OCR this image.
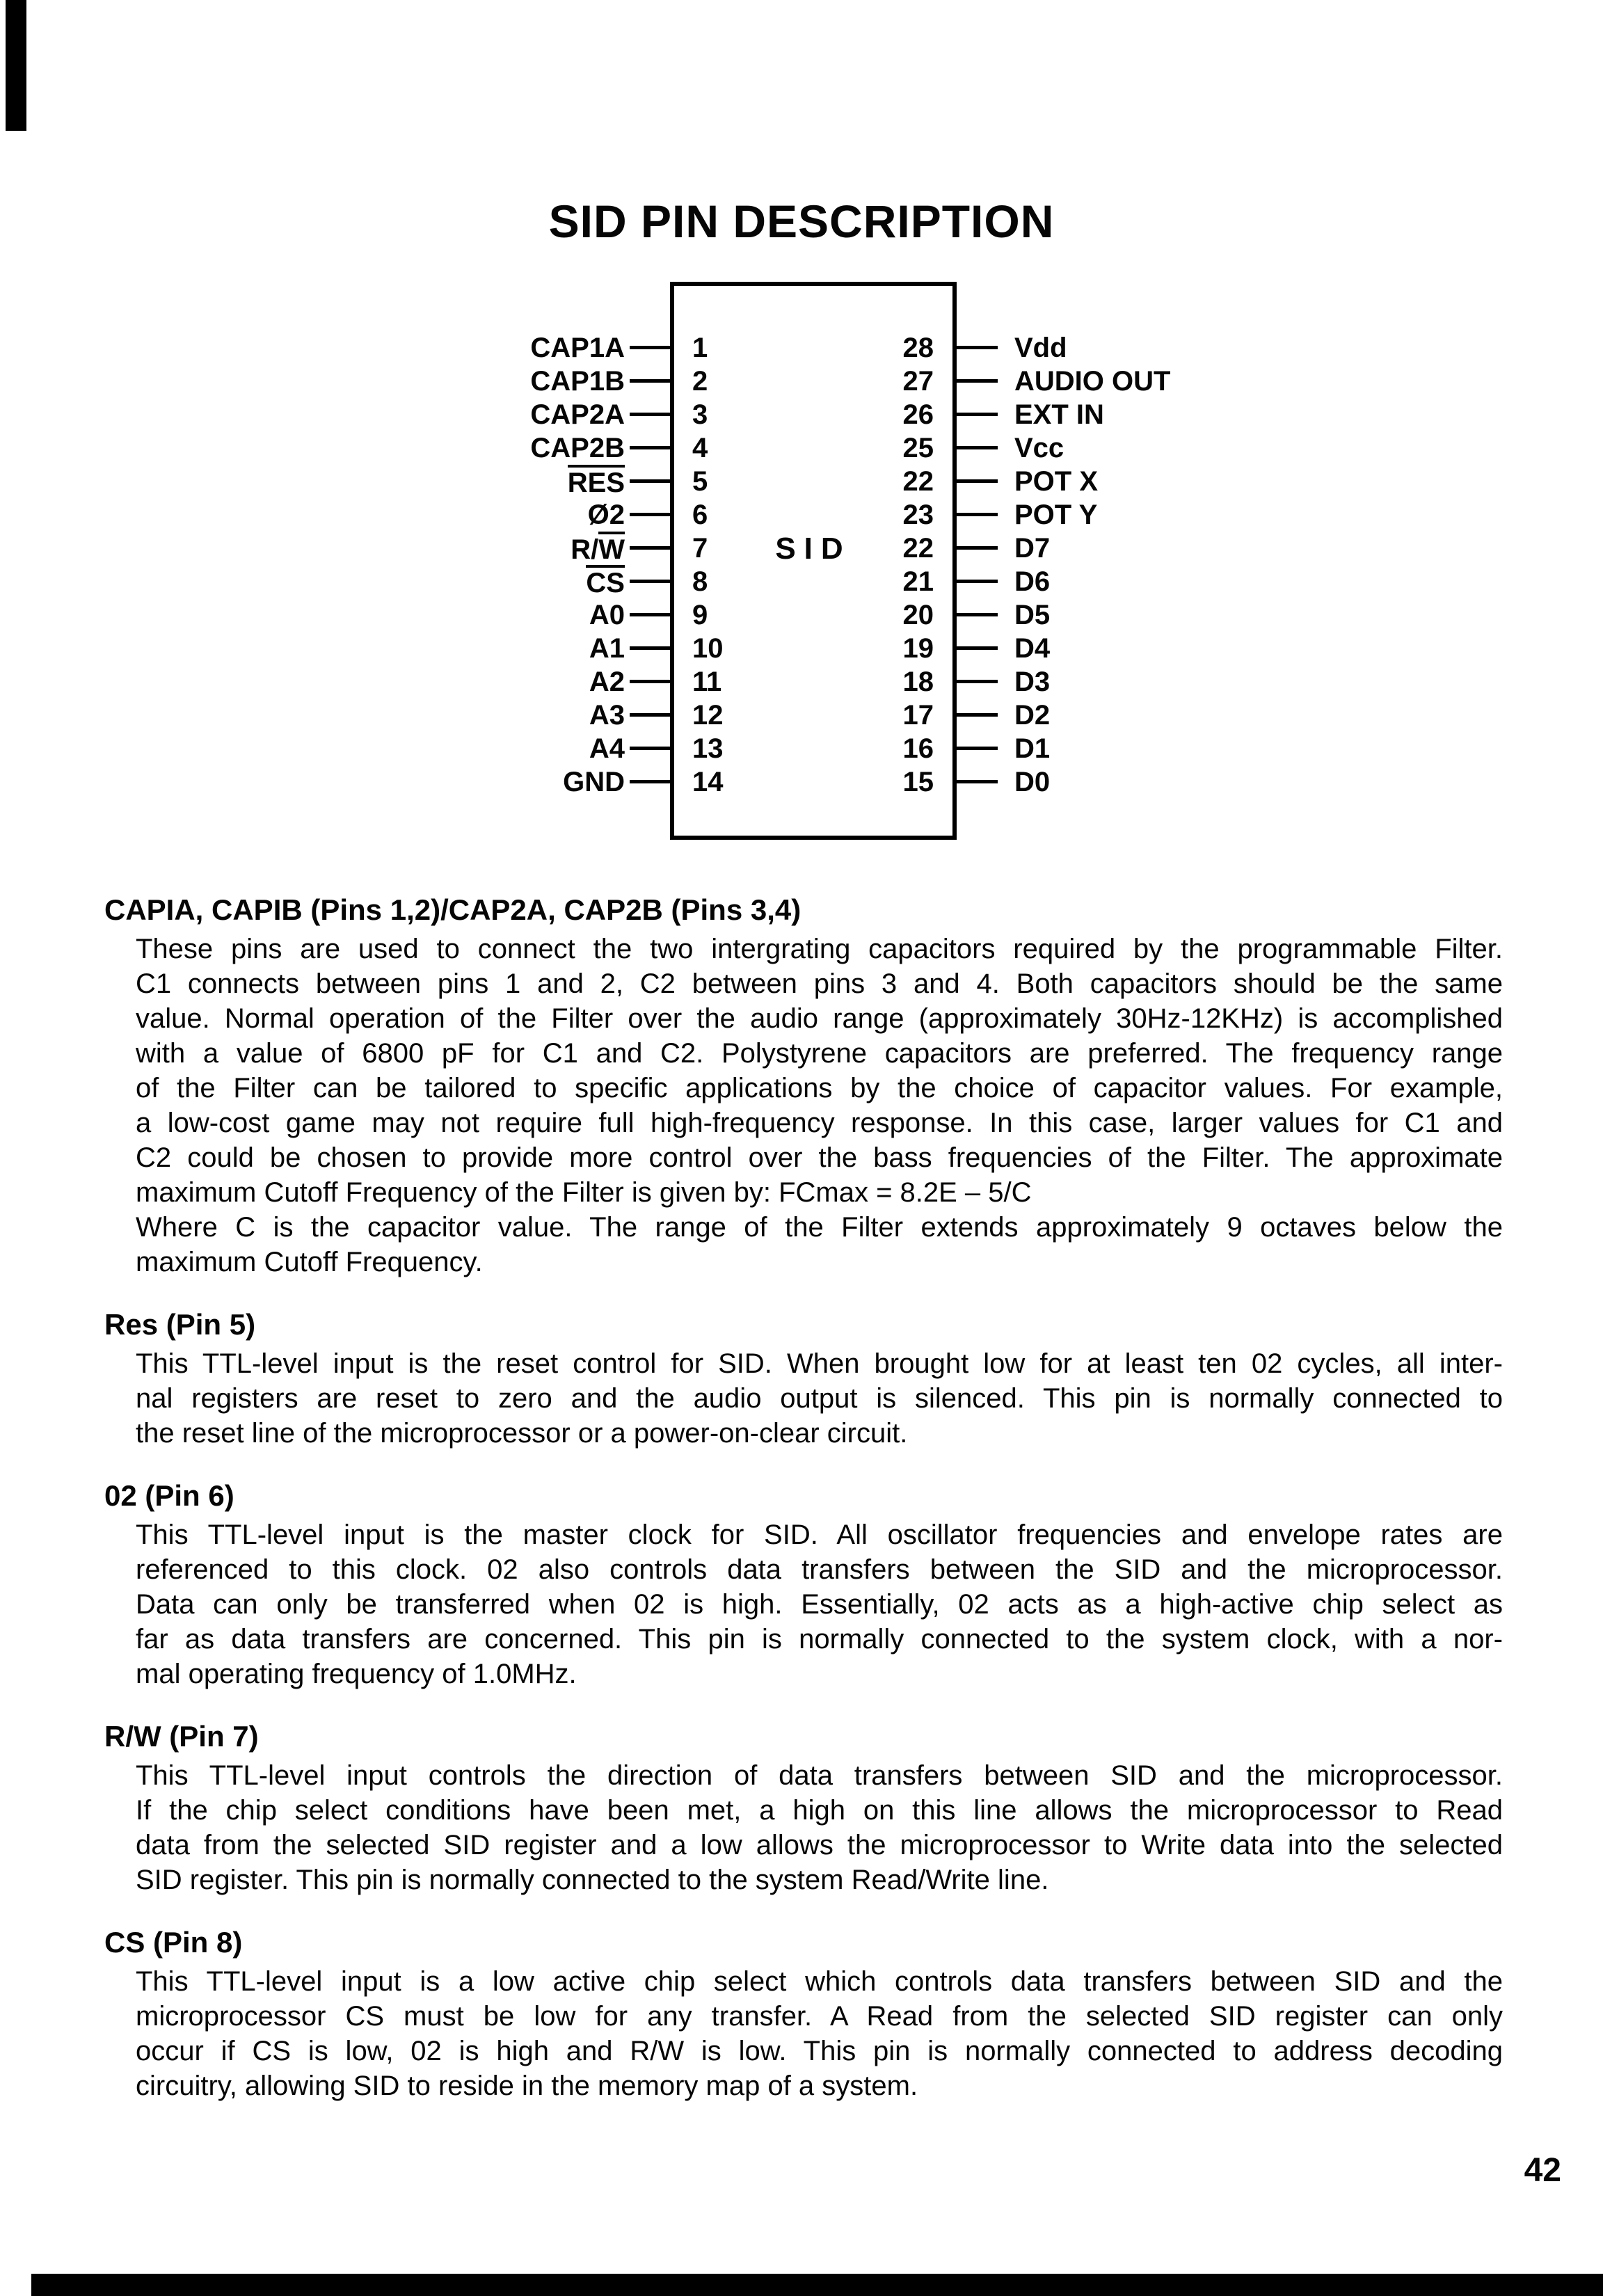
SID PIN DESCRIPTION
SID
CAP1A 1	28	Vdd
CAP1B 2	27	AUDIO OUT
CAP2A 3	26	EXT IN
CAP2B 4	25	Vcc
RES 5	22	POT X
Ø2 6	23	POT Y
R/W 7	22	D7
CS 8	21	D6
A0 9	20	D5
A1 10	19	D4
A2 11	18	D3
A3 12	17	D2
A4 13	16	D1
GND 14	15	D0
CAPIA, CAPIB (Pins 1,2)/CAP2A, CAP2B (Pins 3,4)
These pins are used to connect the two intergrating capacitors required by the programmable Filter.
C1 connects between pins 1 and 2, C2 between pins 3 and 4. Both capacitors should be the same
value. Normal operation of the Filter over the audio range (approximately 30Hz-12KHz) is accomplished
with a value of 6800 pF for C1 and C2. Polystyrene capacitors are preferred. The frequency range
of the Filter can be tailored to specific applications by the choice of capacitor values. For example,
a low-cost game may not require full high-frequency response. In this case, larger values for C1 and
C2 could be chosen to provide more control over the bass frequencies of the Filter. The approximate
maximum Cutoff Frequency of the Filter is given by: FCmax = 8.2E – 5/C
Where C is the capacitor value. The range of the Filter extends approximately 9 octaves below the
maximum Cutoff Frequency.
Res (Pin 5)
This TTL-level input is the reset control for SID. When brought low for at least ten 02 cycles, all inter-
nal registers are reset to zero and the audio output is silenced. This pin is normally connected to
the reset line of the microprocessor or a power-on-clear circuit.
02 (Pin 6)
This TTL-level input is the master clock for SID. All oscillator frequencies and envelope rates are
referenced to this clock. 02 also controls data transfers between the SID and the microprocessor.
Data can only be transferred when 02 is high. Essentially, 02 acts as a high-active chip select as
far as data transfers are concerned. This pin is normally connected to the system clock, with a nor-
mal operating frequency of 1.0MHz.
R/W (Pin 7)
This TTL-level input controls the direction of data transfers between SID and the microprocessor.
If the chip select conditions have been met, a high on this line allows the microprocessor to Read
data from the selected SID register and a low allows the microprocessor to Write data into the selected
SID register. This pin is normally connected to the system Read/Write line.
CS (Pin 8)
This TTL-level input is a low active chip select which controls data transfers between SID and the
microprocessor CS must be low for any transfer. A Read from the selected SID register can only
occur if CS is low, 02 is high and R/W is low. This pin is normally connected to address decoding
circuitry, allowing SID to reside in the memory map of a system.
42
